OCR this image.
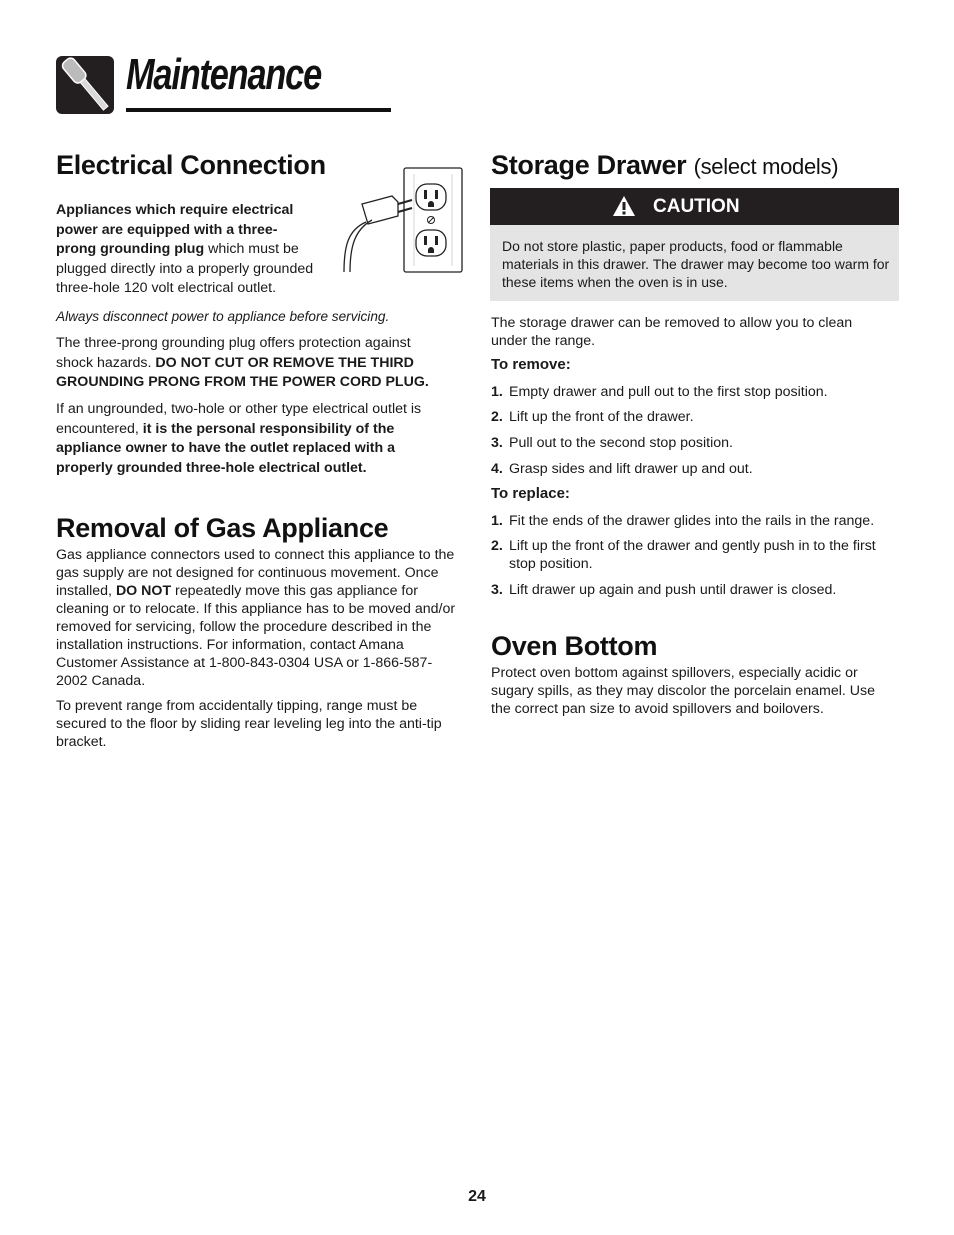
Maintenance
Electrical Connection
Appliances which require electrical
power are equipped with a three-
prong grounding plug which must be
plugged directly into a properly grounded
three-hole 120 volt electrical outlet.

Always disconnect power to appliance before servicing.

The three-prong grounding plug offers protection against shock hazards. DO NOT CUT OR REMOVE THE THIRD GROUNDING PRONG FROM THE POWER CORD PLUG.

If an ungrounded, two-hole or other type electrical outlet is encountered, it is the personal responsibility of the appliance owner to have the outlet replaced with a properly grounded three-hole electrical outlet.

Removal of Gas Appliance

Gas appliance connectors used to connect this appliance to the gas supply are not designed for continuous movement. Once installed, DO NOT repeatedly move this gas appliance for cleaning or to relocate. If this appliance has to be moved and/or removed for servicing, follow the procedure described in the installation instructions. For information, contact Amana Customer Assistance at 1-800-843-0304 USA or 1-866-587-2002 Canada.

To prevent range from accidentally tipping, range must be secured to the floor by sliding rear leveling leg into the anti-tip bracket.

Storage Drawer (select models)
CAUTION

Do not store plastic, paper products, food or flammable materials in this drawer. The drawer may become too warm for these items when the oven is in use.

The storage drawer can be removed to allow you to clean under the range.

To remove:
1. Empty drawer and pull out to the first stop position.
2. Lift up the front of the drawer.
3. Pull out to the second stop position.
4. Grasp sides and lift drawer up and out.
To replace:
1. Fit the ends of the drawer glides into the rails in the range.
2. Lift up the front of the drawer and gently push in to the first stop position.
3. Lift drawer up again and push until drawer is closed.
Oven Bottom

Protect oven bottom against spillovers, especially acidic or sugary spills, as they may discolor the porcelain enamel. Use the correct pan size to avoid spillovers and boilovers.

24
